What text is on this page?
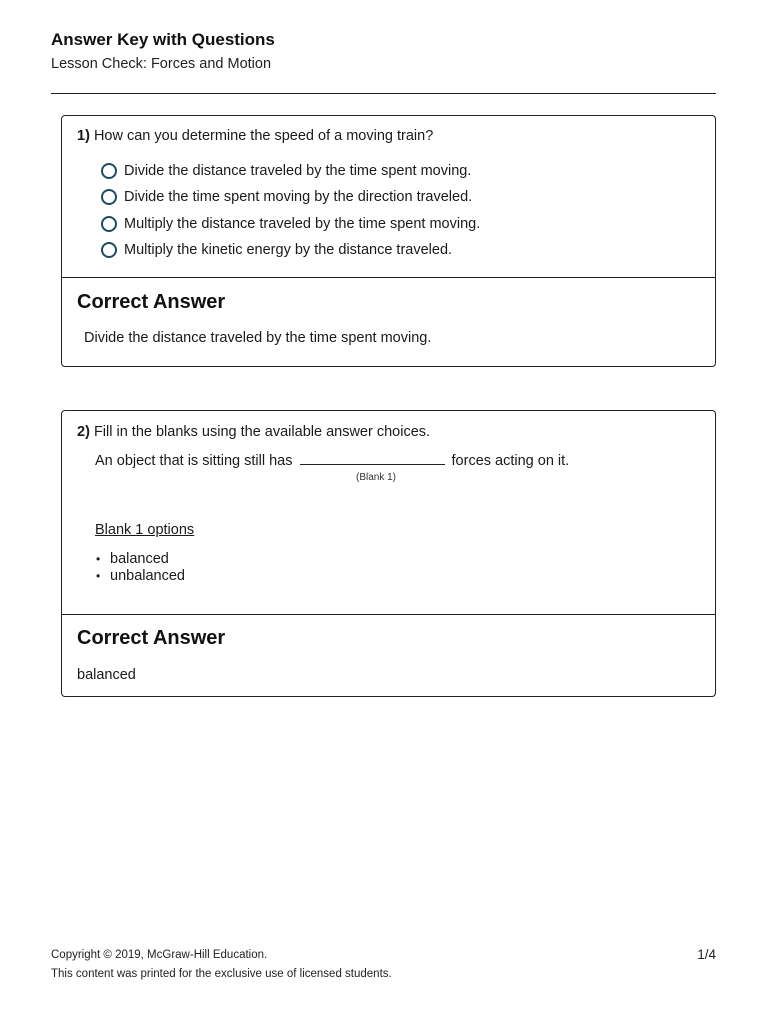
Answer Key with Questions
Lesson Check: Forces and Motion
1) How can you determine the speed of a moving train?
Divide the distance traveled by the time spent moving.
Divide the time spent moving by the direction traveled.
Multiply the distance traveled by the time spent moving.
Multiply the kinetic energy by the distance traveled.
Correct Answer
Divide the distance traveled by the time spent moving.
2) Fill in the blanks using the available answer choices.
An object that is sitting still has	forces acting on it.
(Blank 1)
Blank 1 options
• balanced
• unbalanced
Correct Answer
balanced
Copyright © 2019, McGraw-Hill Education.
This content was printed for the exclusive use of licensed students.
1/4
